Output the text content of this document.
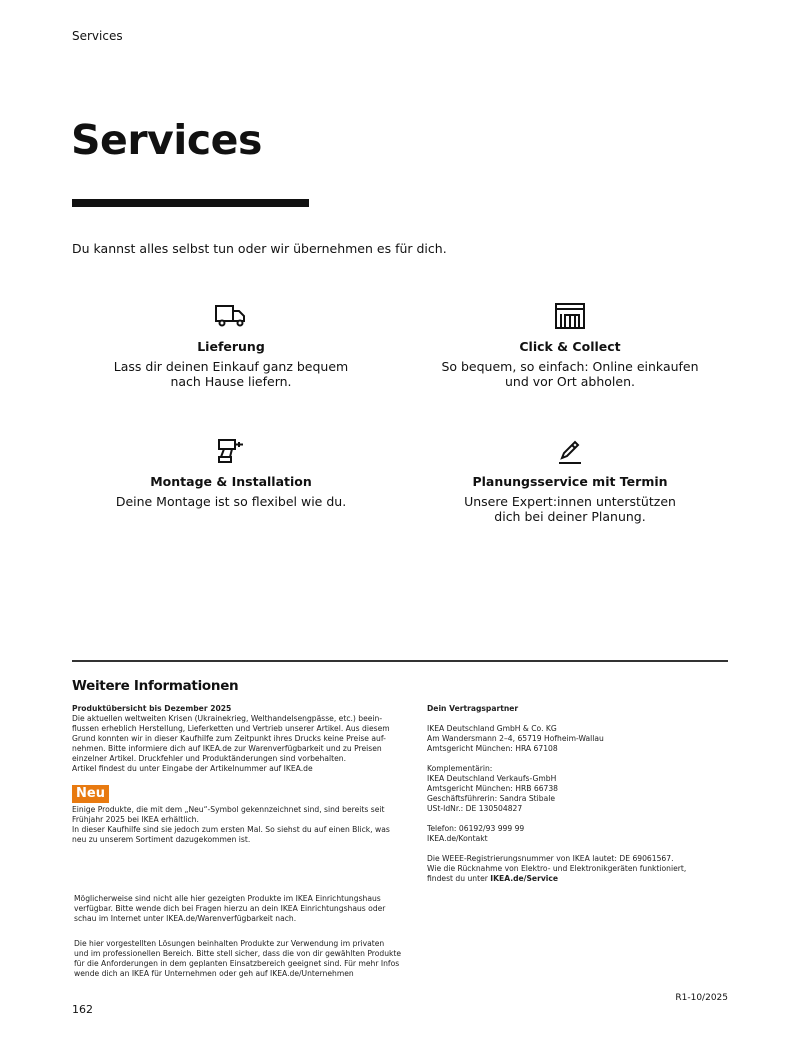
Services
Services
Du kannst alles selbst tun oder wir übernehmen es für dich.
Lieferung
Lass dir deinen Einkauf ganz bequem
nach Hause liefern.
Click & Collect
So bequem, so einfach: Online einkaufen
und vor Ort abholen.
Montage & Installation
Deine Montage ist so flexibel wie du.
Planungsservice mit Termin
Unsere Expert:innen unterstützen
dich bei deiner Planung.
Weitere Informationen

Produktübersicht bis Dezember 2025

Die aktuellen weltweiten Krisen (Ukrainekrieg, Welthandelsengpässe, etc.) beein-

flussen erheblich Herstellung, Lieferketten und Vertrieb unserer Artikel. Aus diesem

Grund konnten wir in dieser Kaufhilfe zum Zeitpunkt ihres Drucks keine Preise auf-

nehmen. Bitte informiere dich auf IKEA.de zur Warenverfügbarkeit und zu Preisen

einzelner Artikel. Druckfehler und Produktänderungen sind vorbehalten.

Artikel findest du unter Eingabe der Artikelnummer auf IKEA.de

Neu

Einige Produkte, die mit dem „Neu“-Symbol gekennzeichnet sind, sind bereits seit

Frühjahr 2025 bei IKEA erhältlich.

In dieser Kaufhilfe sind sie jedoch zum ersten Mal. So siehst du auf einen Blick, was

neu zu unserem Sortiment dazugekommen ist.

Möglicherweise sind nicht alle hier gezeigten Produkte im IKEA Einrichtungshaus

verfügbar. Bitte wende dich bei Fragen hierzu an dein IKEA Einrichtungshaus oder

schau im Internet unter IKEA.de/Warenverfügbarkeit nach.

Die hier vorgestellten Lösungen beinhalten Produkte zur Verwendung im privaten

und im professionellen Bereich. Bitte stell sicher, dass die von dir gewählten Produkte

für die Anforderungen in dem geplanten Einsatzbereich geeignet sind. Für mehr Infos

wende dich an IKEA für Unternehmen oder geh auf IKEA.de/Unternehmen

Dein Vertragspartner

IKEA Deutschland GmbH & Co. KG

Am Wandersmann 2–4, 65719 Hofheim-Wallau

Amtsgericht München: HRA 67108

Komplementärin:

IKEA Deutschland Verkaufs-GmbH

Amtsgericht München: HRB 66738

Geschäftsführerin: Sandra Stibale

USt-IdNr.: DE 130504827

Telefon: 06192/93 999 99

IKEA.de/Kontakt

Die WEEE-Registrierungsnummer von IKEA lautet: DE 69061567.

Wie die Rücknahme von Elektro- und Elektronikgeräten funktioniert,

findest du unter IKEA.de/Service

162
R1-10/2025
